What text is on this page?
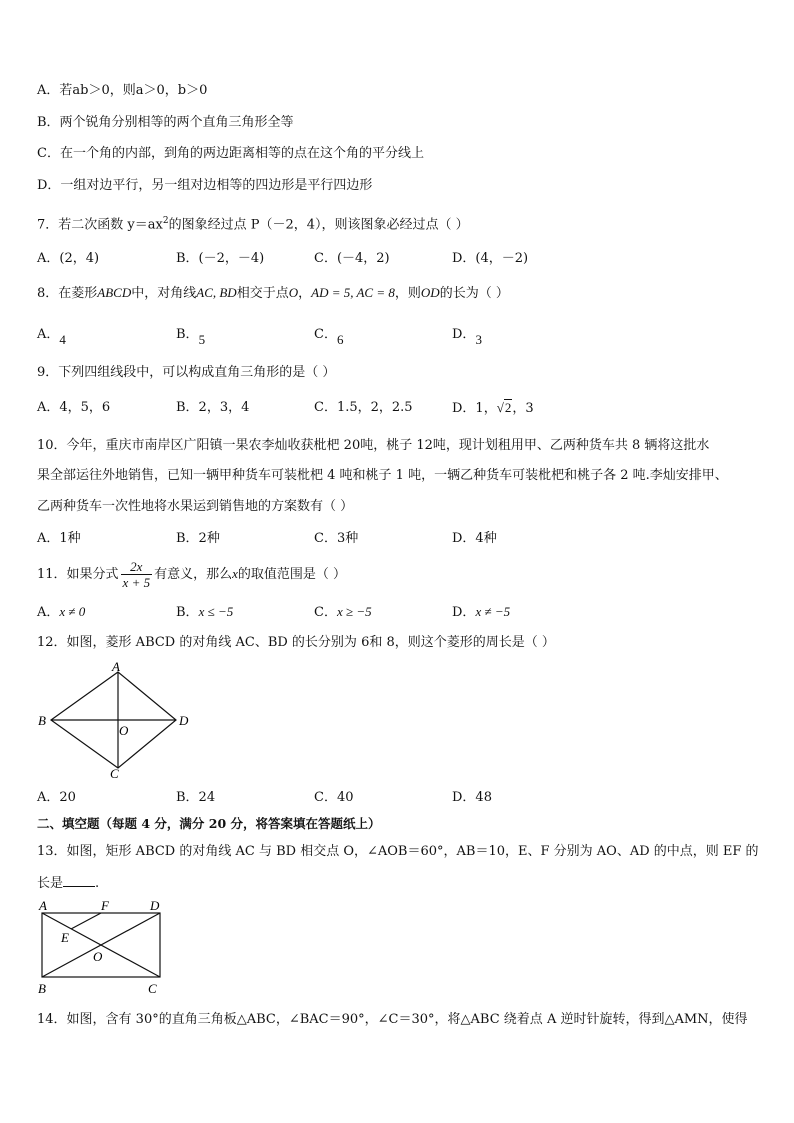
A．若ab＞0，则a＞0，b＞0
B．两个锐角分别相等的两个直角三角形全等
C．在一个角的内部，到角的两边距离相等的点在这个角的平分线上
D．一组对边平行，另一组对边相等的四边形是平行四边形
7．若二次函数 $y=ax^2$的图象经过点 P（－2，4），则该图象必经过点（ ）
A．(2，4)	B．(－2，－4)	C．(－4，2)	D．(4，－2)
8．在菱形ABCD中，对角线AC, BD相交于点O，AD = 5, AC = 8，则OD的长为（ ）
A．4	B．5	C．6	D．3
9．下列四组线段中，可以构成直角三角形的是（ ）
A．4，5，6	B．2，3，4	C．1.5，2，2.5	D．1，√2，3
10．今年，重庆市南岸区广阳镇一果农李灿收获枇杷 20吨，桃子 12吨，现计划租用甲、乙两种货车共 8 辆将这批水
果全部运往外地销售，已知一辆甲种货车可装枇杷 4 吨和桃子 1 吨，一辆乙种货车可装枇杷和桃子各 2 吨.李灿安排甲、
乙两种货车一次性地将水果运到销售地的方案数有（ ）
A．1种	B．2种	C．3种	D．4种
11．如果分式 $\frac{2x}{x + 5}$ 有意义，那么x的取值范围是（ ）
A．x ≠ 0	B．x ≤ −5	C．x ≥ −5	D．x ≠ −5
12．如图，菱形 ABCD 的对角线 AC、BD 的长分别为 6和 8，则这个菱形的周长是（ ）
A
B	D
C
O
A．20	B．24	C．40	D．48
二、填空题（每题 4 分，满分 20 分，将答案填在答题纸上）
13．如图，矩形 ABCD 的对角线 AC 与 BD 相交点 O，∠AOB＝60°，AB＝10，E、F 分别为 AO、AD 的中点，则 EF 的
长是 .
A	F	D
E
O
B	C
14．如图，含有 30°的直角三角板△ABC，∠BAC＝90°，∠C＝30°，将△ABC 绕着点 A 逆时针旋转，得到△AMN，使得
